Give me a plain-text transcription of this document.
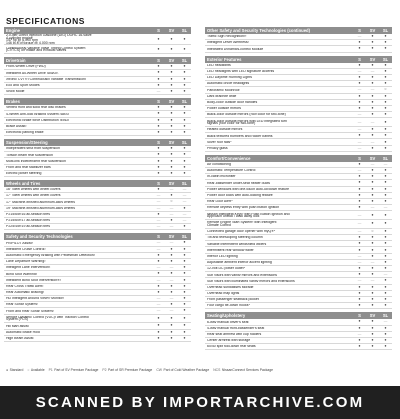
SPECIFICATIONS
Engine	S	SV	SL
2.0-liter Direct Injection Gasoline (DIG) DOHC 16-valve
4-cylinder engine
147 hp @ 6,000 rpm
146 lb-ft of torque @ 4,000 rpm
●	●	●
Continuously Variable Valve Timing Control System
(CVTCS) on intake and exhaust valves	●	●	●
Drivetrain	S	SV	SL
Front-Wheel Drive (FWD)	●	●	●
Intelligent All-Wheel Drive (AWD)¹	●	●	●
Xtronic CVT® (Continuously Variable Transmission)	●	●	●
Eco and Sport Modes	●	●	●
Snow Mode	—	●	●
Brakes	S	SV	SL
Vented front and solid rear disc brakes	●	●	●
4-Wheel Anti-lock Braking System (ABS)	●	●	●
Electronic Brake force Distribution (EBD)	●	●	●
Brake Assist²	●	●	●
Electronic parking brake	●	●	●
Suspension/Steering	S	SV	SL
Independent strut front suspension	●	●	●
Torsion beam rear suspension	●	●	●
Multi-link independent rear suspension	●	●	●
Front and rear stabilizer bars	●	●	●
Electric power steering	●	●	●
Wheels and Tires	S	SV	SL
16" Steel wheels with wheel covers	●	—	—
17" Steel wheels with wheel covers	—	●	—
17" Machine-finished aluminum-alloy wheels	—	○	—
19" Machine-finished aluminum-alloy wheels	—	—	●
P215/65R16 all-season tires	●	—	—
P215/60R17 all-season tires	—	●	—
P225/45R19 all-season tires	—	—	●
Safety and Security Technologies	S	SV	SL
ProPILOT Assist³	—	—	●
Intelligent Cruise Control²	—	●	●
Automatic Emergency Braking with Pedestrian Detection²	●	●	●
Lane Departure Warning²	●	●	●
Intelligent Lane Intervention²	—	—	●
Blind Spot Warning²	●	●	●
Intelligent Blind Spot Intervention®²	—	—	●
Rear Cross Traffic Alert²	●	●	●
Rear Automatic Braking²	●	●	●
HD Intelligent Around View® Monitor²	—	—	●
Rear Sonar System²	—	●	●
Front and Rear Sonar System²	—	—	●
Vehicle Dynamic Control (VDC)² with Traction Control
System (TCS)	●	●	●
Hill start assist	●	●	●
Automatic Brake Hold	●	●	●
High Beam Assist	●	●	●
Other Safety and Security Technologies (continued)	S	SV	SL
Traffic Sign Recognition²³	—	●	●
Intelligent Driver Alertness²	●	●	●
Integrated Dynamics-control Module	●	●	●
Exterior Features	S	SV	SL
LED headlights	●	●	●
LED headlights with LED signature accents	—	—	●
LED Daytime Running Lights	●	●	●
Automatic on/off headlights	●	●	●
Panoramic Moonroof	—	—	○
Dark graphite grille	●	●	●
Body-color outside door handles	●	●	●
Power outside mirrors	●	●	●
Black-color outside mirrors (roof color for two-tone)	—	●	●
Black-color outside mirrors with LED integrated turn
signals (roof color for two-tone)	—	—	●
Heated outside mirrors	—	●	●
Black textured bumpers and rocker panels	●	●	●
Silver roof rails⁵	—	—	●
Privacy glass	—	●	●
Comfort/Convenience	S	SV	SL
Air conditioning	●	—	—
Automatic Temperature Control	—	●	●
In-cabin microfilter	●	●	●
Rear-passenger under-seat heater ducts	●	●	●
Power windows with one-touch auto-up/down feature	●	●	●
Power door locks with auto-locking feature	●	●	●
Rear Door Alert⁴	●	●	●
Remote keyless entry with push button ignition	●	—	—
Nissan Intelligent Key® with Push Button Ignition and
Approach unlock / walk away lock	—	●	●
Remote Engine Start System³ with Intelligent
Climate Control	—	●	●
Connected garage door opener with myQ®⁴	—	○	●
Tilt and telescoping steering column	●	●	●
Variable intermittent windshield wipers	●	●	●
Intermittent rear window wiper	●	●	●
Interior LED lighting	—	●	●
Adjustable ambient interior accent lighting	—	—	●
12-volt DC power outlet⁴	●	●	●
Sun visors with vanity mirrors and extensions	●	●	—
Sun visors with illuminated vanity mirrors and extensions	—	—	●
Overhead sunglasses storage	●	●	●
Overhead map lights	●	●	●
Front passenger seatback pocket	●	●	●
Four cargo tie-down hooks⁴	●	●	●
Seating/Upholstery	S	SV	SL
6-way manual driver's seat	●	●	—
4-way manual front-passenger's seat	●	●	●
Rear seat armrest with cup holders	—	●	●
Center armrest with storage	●	●	●
60/40 split fold-down rear seats	●	●	●
● Standard ○ Available P1 Part of SV Premium Package P2 Part of SR Premium Package CW Part of Cold Weather Package NCS NissanConnect Services Package
SCANNED BY IMPORTARCHIVE.COM
